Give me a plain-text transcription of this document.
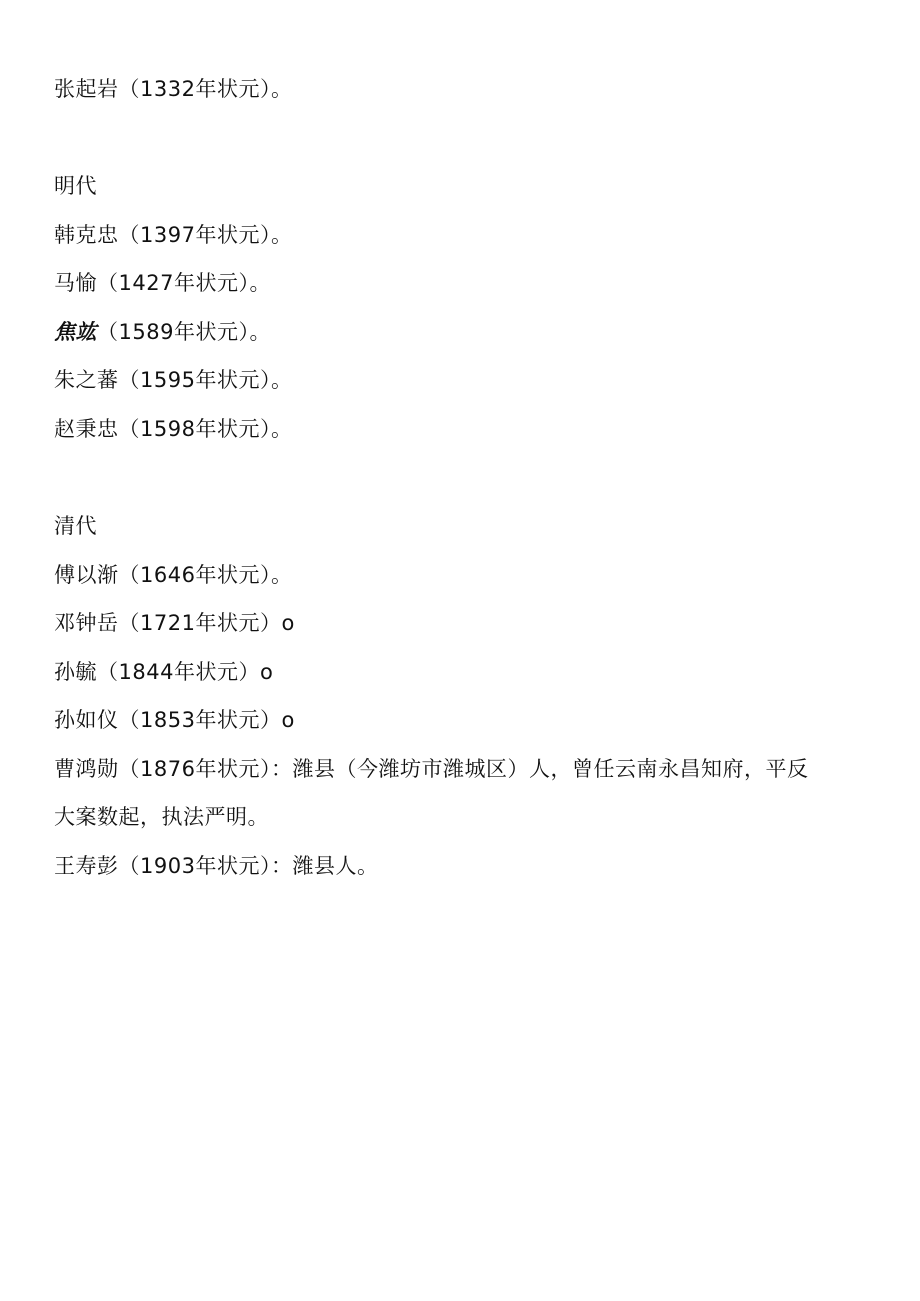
张起岩（1332年状元）。
明代
韩克忠（1397年状元）。
马愉（1427年状元）。
焦竑（1589年状元）。
朱之蕃（1595年状元）。
赵秉忠（1598年状元）。
清代
傅以渐（1646年状元）。
邓钟岳（1721年状元）o
孙毓（1844年状元）o
孙如仪（1853年状元）o
曹鸿勋（1876年状元）：潍县（今潍坊市潍城区）人，曾任云南永昌知府，平反
大案数起，执法严明。
王寿彭（1903年状元）：潍县人。
